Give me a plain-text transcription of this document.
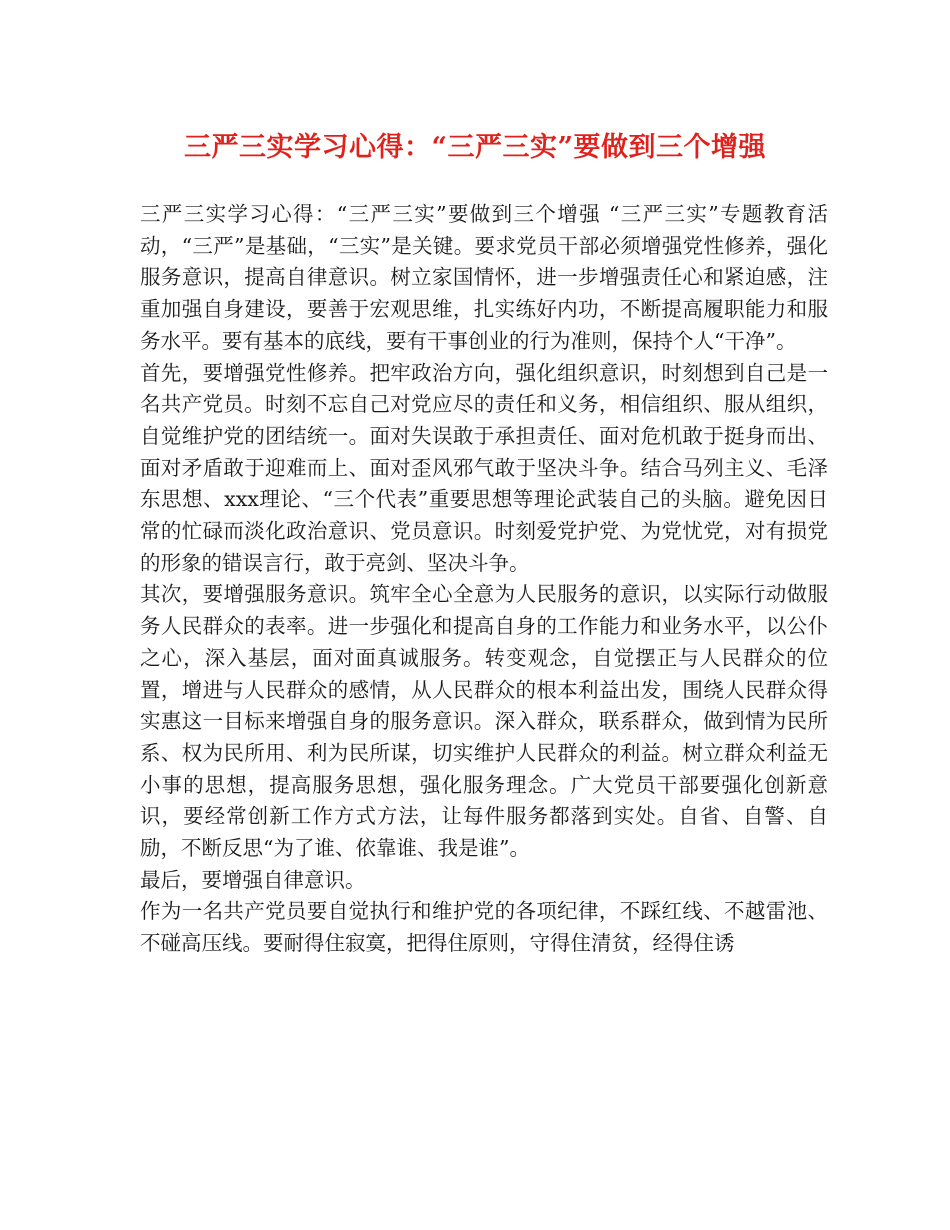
三严三实学习心得：“三严三实”要做到三个增强

三严三实学习心得：“三严三实”要做到三个增强 “三严三实”专题教育活动，“三严”是基础，“三实”是关键。要求党员干部必须增强党性修养，强化服务意识，提高自律意识。树立家国情怀，进一步增强责任心和紧迫感，注重加强自身建设，要善于宏观思维，扎实练好内功，不断提高履职能力和服务水平。要有基本的底线，要有干事创业的行为准则，保持个人“干净”。

首先，要增强党性修养。把牢政治方向，强化组织意识，时刻想到自己是一名共产党员。时刻不忘自己对党应尽的责任和义务，相信组织、服从组织，自觉维护党的团结统一。面对失误敢于承担责任、面对危机敢于挺身而出、面对矛盾敢于迎难而上、面对歪风邪气敢于坚决斗争。结合马列主义、毛泽东思想、xxx理论、“三个代表”重要思想等理论武装自己的头脑。避免因日常的忙碌而淡化政治意识、党员意识。时刻爱党护党、为党忧党，对有损党的形象的错误言行，敢于亮剑、坚决斗争。

其次，要增强服务意识。筑牢全心全意为人民服务的意识，以实际行动做服务人民群众的表率。进一步强化和提高自身的工作能力和业务水平，以公仆之心，深入基层，面对面真诚服务。转变观念，自觉摆正与人民群众的位置，增进与人民群众的感情，从人民群众的根本利益出发，围绕人民群众得实惠这一目标来增强自身的服务意识。深入群众，联系群众，做到情为民所系、权为民所用、利为民所谋，切实维护人民群众的利益。树立群众利益无小事的思想，提高服务思想，强化服务理念。广大党员干部要强化创新意识，要经常创新工作方式方法，让每件服务都落到实处。自省、自警、自励，不断反思“为了谁、依靠谁、我是谁”。

最后，要增强自律意识。

作为一名共产党员要自觉执行和维护党的各项纪律，不踩红线、不越雷池、不碰高压线。要耐得住寂寞，把得住原则，守得住清贫，经得住诱
